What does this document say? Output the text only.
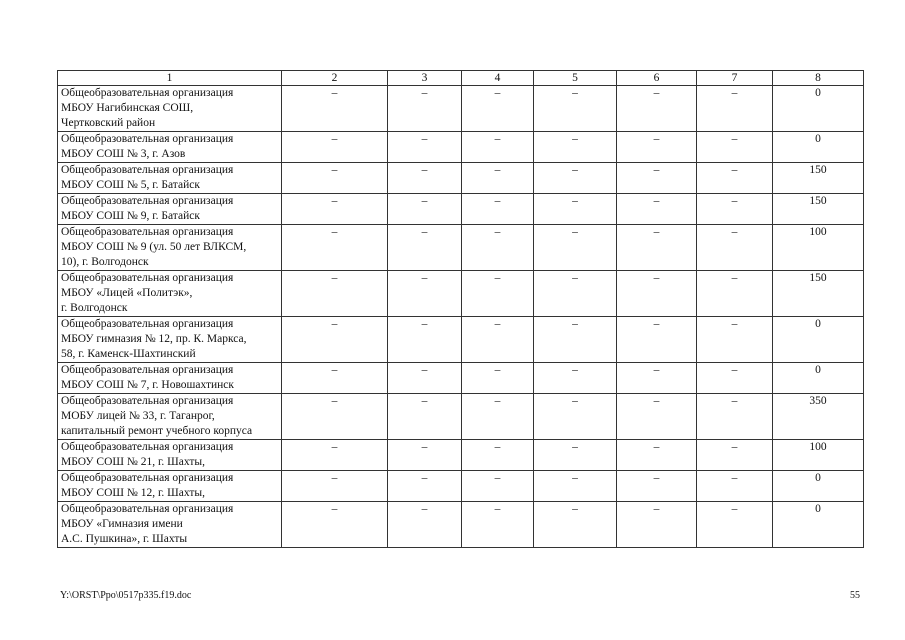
1	2	3	4	5	6	7	8
Общеобразовательная организация
МБОУ Нагибинская СОШ,
Чертковский район	–	–	–	–	–	–	0
Общеобразовательная организация
МБОУ СОШ № 3, г. Азов	–	–	–	–	–	–	0
Общеобразовательная организация
МБОУ СОШ № 5, г. Батайск	–	–	–	–	–	–	150
Общеобразовательная организация
МБОУ СОШ № 9, г. Батайск	–	–	–	–	–	–	150
Общеобразовательная организация
МБОУ СОШ № 9 (ул. 50 лет ВЛКСМ,
10), г. Волгодонск	–	–	–	–	–	–	100
Общеобразовательная организация
МБОУ «Лицей «Политэк»,
г. Волгодонск	–	–	–	–	–	–	150
Общеобразовательная организация
МБОУ гимназия № 12, пр. К. Маркса,
58, г. Каменск-Шахтинский	–	–	–	–	–	–	0
Общеобразовательная организация
МБОУ СОШ № 7, г. Новошахтинск	–	–	–	–	–	–	0
Общеобразовательная организация
МОБУ лицей № 33, г. Таганрог,
капитальный ремонт учебного корпуса	–	–	–	–	–	–	350
Общеобразовательная организация
МБОУ СОШ № 21, г. Шахты,	–	–	–	–	–	–	100
Общеобразовательная организация
МБОУ СОШ № 12, г. Шахты,	–	–	–	–	–	–	0
Общеобразовательная организация
МБОУ «Гимназия имени
А.С. Пушкина», г. Шахты	–	–	–	–	–	–	0
Y:\ORST\Ppo\0517p335.f19.doc	55
